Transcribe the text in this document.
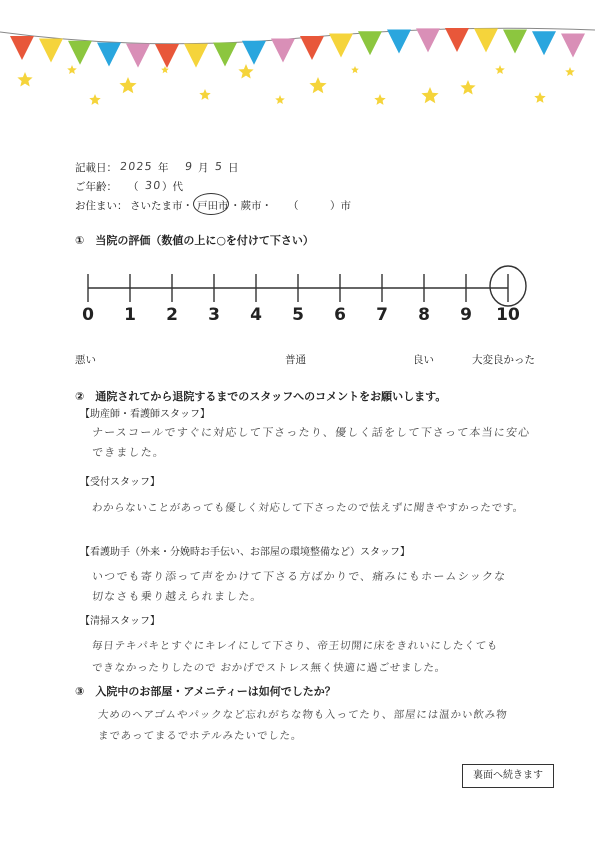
記載日： 2025 年 9 月 5 日
ご年齢： （ 30 ）代
お住まい： さいたま市・ 戸田市 ・蕨市・ （　　　）市
①　当院の評価（数値の上に○を付けて下さい）
0	1	2	3	4	5	6	7	8	9	10
悪い	普通	良い	大変良かった
②　通院されてから退院するまでのスタッフへのコメントをお願いします。
【助産師・看護師スタッフ】
ナースコールですぐに対応して下さったり、優しく話をして下さって本当に安心
できました。
【受付スタッフ】
わからないことがあっても優しく対応して下さったので怯えずに聞きやすかったです。
【看護助手（外来・分娩時お手伝い、お部屋の環境整備など）スタッフ】
いつでも寄り添って声をかけて下さる方ばかりで、痛みにもホームシックな
切なさも乗り越えられました。
【清掃スタッフ】
毎日テキパキとすぐにキレイにして下さり、帝王切開に床をきれいにしたくても
できなかったりしたので おかげでストレス無く快適に過ごせました。
③　入院中のお部屋・アメニティーは如何でしたか？
大めのヘアゴムやパックなど忘れがちな物も入ってたり、部屋には温かい飲み物
まであってまるでホテルみたいでした。
裏面へ続きます
